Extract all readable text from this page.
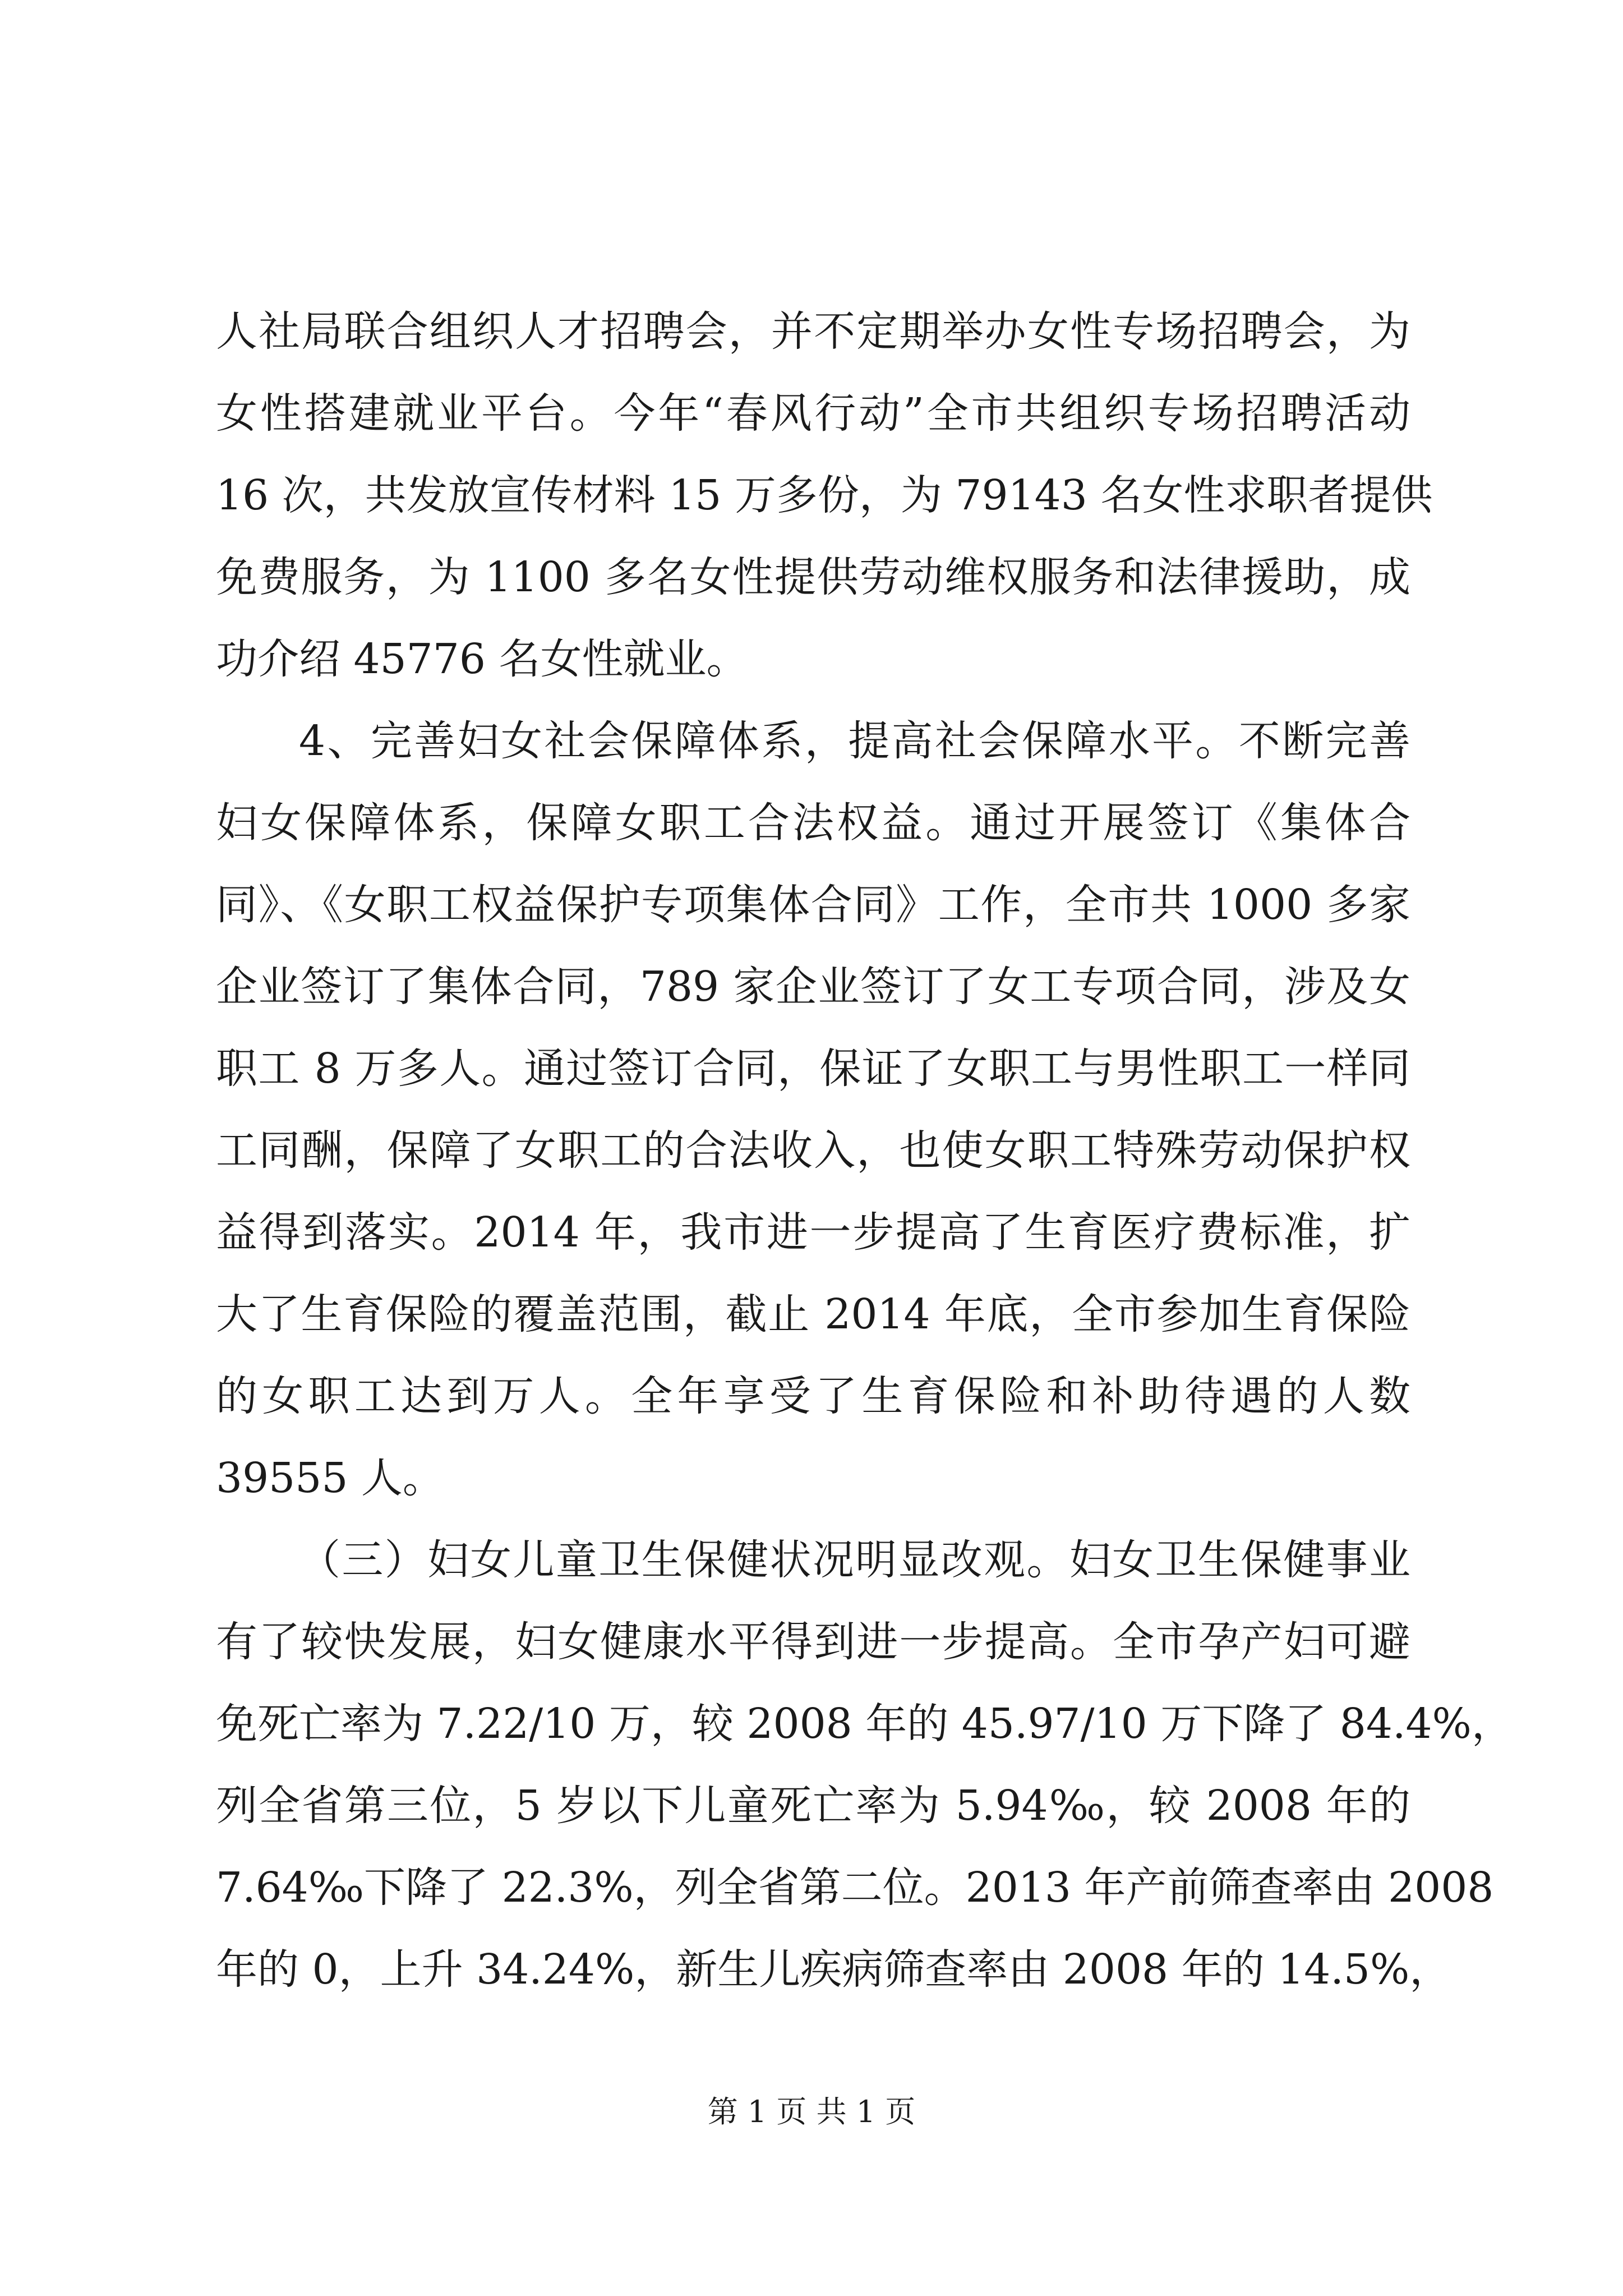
人社局联合组织人才招聘会，并不定期举办女性专场招聘会，为
女性搭建就业平台。今年“春风行动”全市共组织专场招聘活动
16 次，共发放宣传材料 15 万多份，为 79143 名女性求职者提供
免费服务，为 1100 多名女性提供劳动维权服务和法律援助，成
功介绍 45776 名女性就业。
4、完善妇女社会保障体系，提高社会保障水平。不断完善
妇女保障体系，保障女职工合法权益。通过开展签订《集体合
同》、《女职工权益保护专项集体合同》工作，全市共 1000 多家
企业签订了集体合同，789 家企业签订了女工专项合同，涉及女
职工 8 万多人。通过签订合同，保证了女职工与男性职工一样同
工同酬，保障了女职工的合法收入，也使女职工特殊劳动保护权
益得到落实。2014 年，我市进一步提高了生育医疗费标准，扩
大了生育保险的覆盖范围，截止 2014 年底，全市参加生育保险
的女职工达到万人。全年享受了生育保险和补助待遇的人数
39555 人。
（三）妇女儿童卫生保健状况明显改观。妇女卫生保健事业
有了较快发展，妇女健康水平得到进一步提高。全市孕产妇可避
免死亡率为 7.22/10 万，较 2008 年的 45.97/10 万下降了 84.4%，
列全省第三位，5 岁以下儿童死亡率为 5.94‰，较 2008 年的
7.64‰下降了 22.3%，列全省第二位。2013 年产前筛查率由 2008
年的 0，上升 34.24%，新生儿疾病筛查率由 2008 年的 14.5%，
第 1 页 共 1 页
